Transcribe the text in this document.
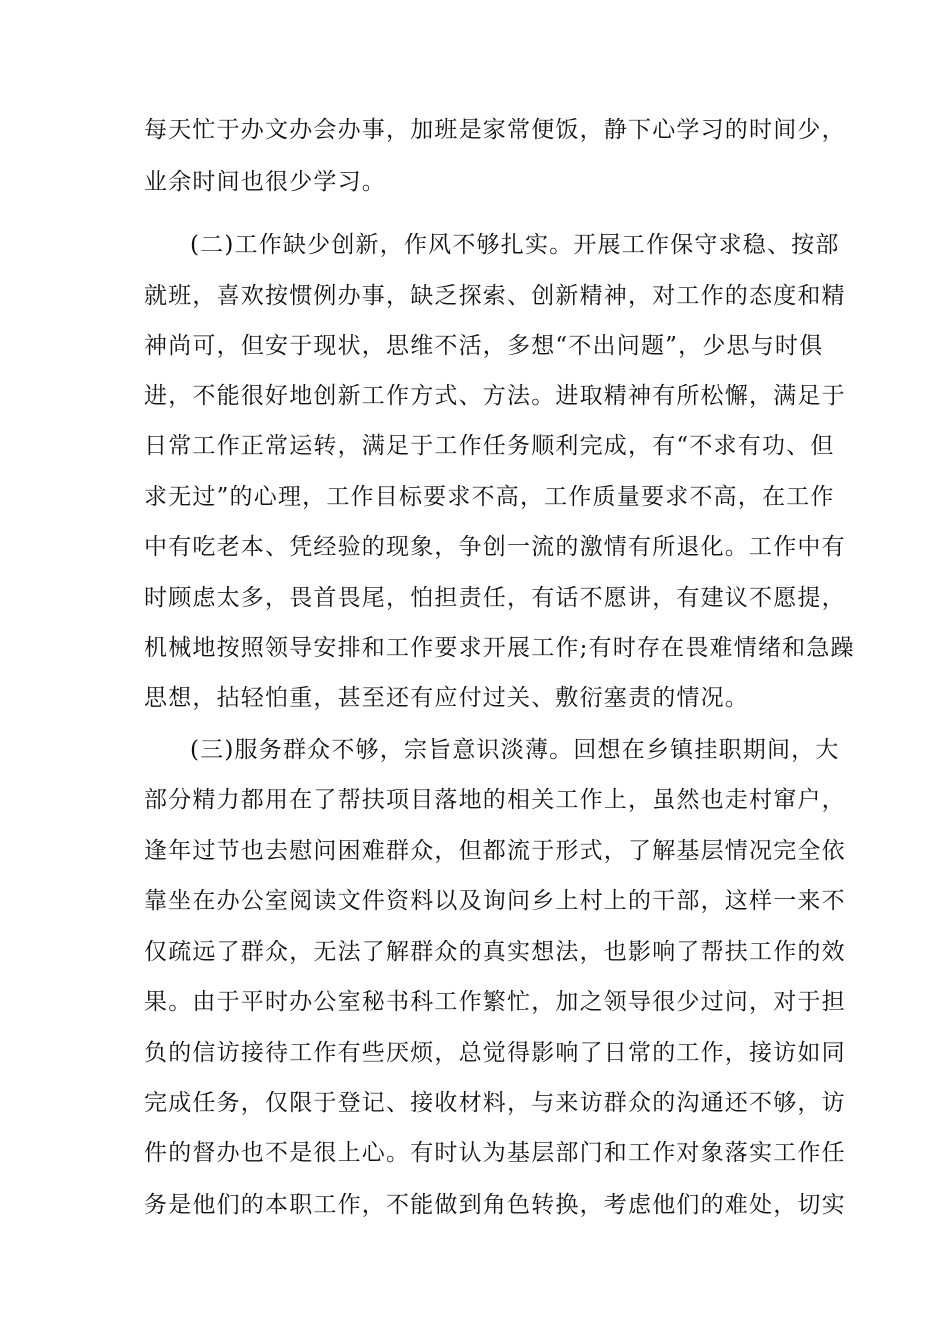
每天忙于办文办会办事，加班是家常便饭，静下心学习的时间少，
业余时间也很少学习。
(二)工作缺少创新，作风不够扎实。开展工作保守求稳、按部
就班，喜欢按惯例办事，缺乏探索、创新精神，对工作的态度和精
神尚可，但安于现状，思维不活，多想“不出问题”，少思与时俱
进，不能很好地创新工作方式、方法。进取精神有所松懈，满足于
日常工作正常运转，满足于工作任务顺利完成，有“不求有功、但
求无过”的心理，工作目标要求不高，工作质量要求不高，在工作
中有吃老本、凭经验的现象，争创一流的激情有所退化。工作中有
时顾虑太多，畏首畏尾，怕担责任，有话不愿讲，有建议不愿提，
机械地按照领导安排和工作要求开展工作;有时存在畏难情绪和急躁
思想，拈轻怕重，甚至还有应付过关、敷衍塞责的情况。
(三)服务群众不够，宗旨意识淡薄。回想在乡镇挂职期间，大
部分精力都用在了帮扶项目落地的相关工作上，虽然也走村窜户，
逢年过节也去慰问困难群众，但都流于形式，了解基层情况完全依
靠坐在办公室阅读文件资料以及询问乡上村上的干部，这样一来不
仅疏远了群众，无法了解群众的真实想法，也影响了帮扶工作的效
果。由于平时办公室秘书科工作繁忙，加之领导很少过问，对于担
负的信访接待工作有些厌烦，总觉得影响了日常的工作，接访如同
完成任务，仅限于登记、接收材料，与来访群众的沟通还不够，访
件的督办也不是很上心。有时认为基层部门和工作对象落实工作任
务是他们的本职工作，不能做到角色转换，考虑他们的难处，切实
